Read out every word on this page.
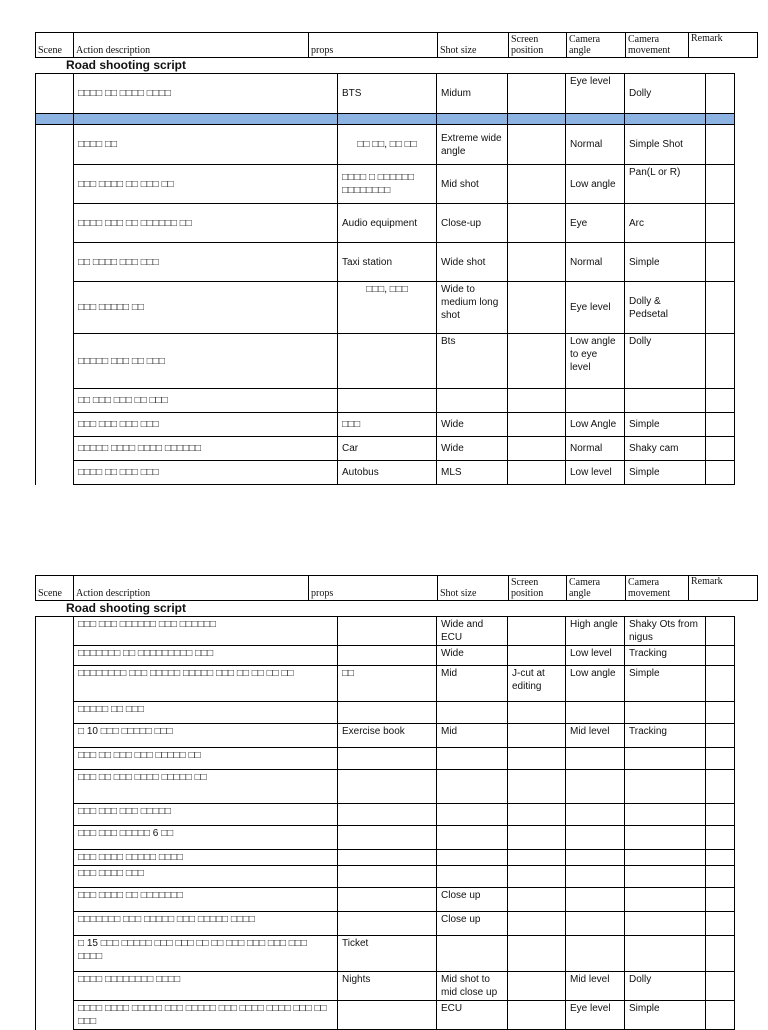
Scene	Action description	props	Shot size	Screen position	Camera angle	Camera movement	Remark
Road shooting script
	□□□□ □□ □□□□ □□□□	BTS	Midum		Eye level	Dolly	

	□□□□ □□	□□ □□, □□ □□	Extreme wide angle		Normal	Simple Shot	
	□□□ □□□□ □□ □□□ □□	□□□□ □ □□□□□□ □□□□□□□□	Mid shot		Low angle	Pan(L or R)	
	□□□□ □□□ □□ □□□□□□ □□	Audio equipment	Close-up		Eye	Arc	
	□□ □□□□ □□□ □□□	Taxi station	Wide shot		Normal	Simple	
	□□□ □□□□□ □□	□□□, □□□	Wide to medium long shot		Eye level	Dolly & Pedsetal	
	□□□□□ □□□ □□ □□□		Bts		Low angle to eye level	Dolly	
	□□ □□□ □□□ □□ □□□						
	□□□ □□□ □□□ □□□	□□□	Wide		Low Angle	Simple	
	□□□□□ □□□□ □□□□ □□□□□□	Car	Wide		Normal	Shaky cam	
	□□□□ □□ □□□ □□□	Autobus	MLS		Low level	Simple	
Scene	Action description	props	Shot size	Screen position	Camera angle	Camera movement	Remark
Road shooting script
	□□□ □□□ □□□□□□ □□□ □□□□□□		Wide and ECU		High angle	Shaky Ots from nigus	
	□□□□□□□ □□ □□□□□□□□□ □□□		Wide		Low level	Tracking	
	□□□□□□□□ □□□ □□□□□ □□□□□ □□□ □□ □□ □□ □□	□□	Mid	J-cut at editing	Low angle	Simple	
	□□□□□ □□ □□□						
	□ 10 □□□ □□□□□ □□□	Exercise book	Mid		Mid level	Tracking	
	□□□ □□ □□□ □□□ □□□□□ □□						
	□□□ □□ □□□ □□□□ □□□□□ □□						
	□□□ □□□ □□□ □□□□□						
	□□□ □□□ □□□□□ 6 □□						
	□□□ □□□□ □□□□□ □□□□						
	□□□ □□□□ □□□						
	□□□ □□□□ □□ □□□□□□□		Close up				
	□□□□□□□ □□□ □□□□□ □□□ □□□□□ □□□□		Close up				
	□ 15 □□□ □□□□□ □□□ □□□ □□ □□ □□□ □□□ □□□ □□□ □□□□	Ticket					
	□□□□ □□□□□□□□ □□□□	Nights	Mid shot to mid close up		Mid level	Dolly	
	□□□□ □□□□ □□□□□ □□□ □□□□□ □□□ □□□□ □□□□ □□□ □□ □□□		ECU		Eye level	Simple	
